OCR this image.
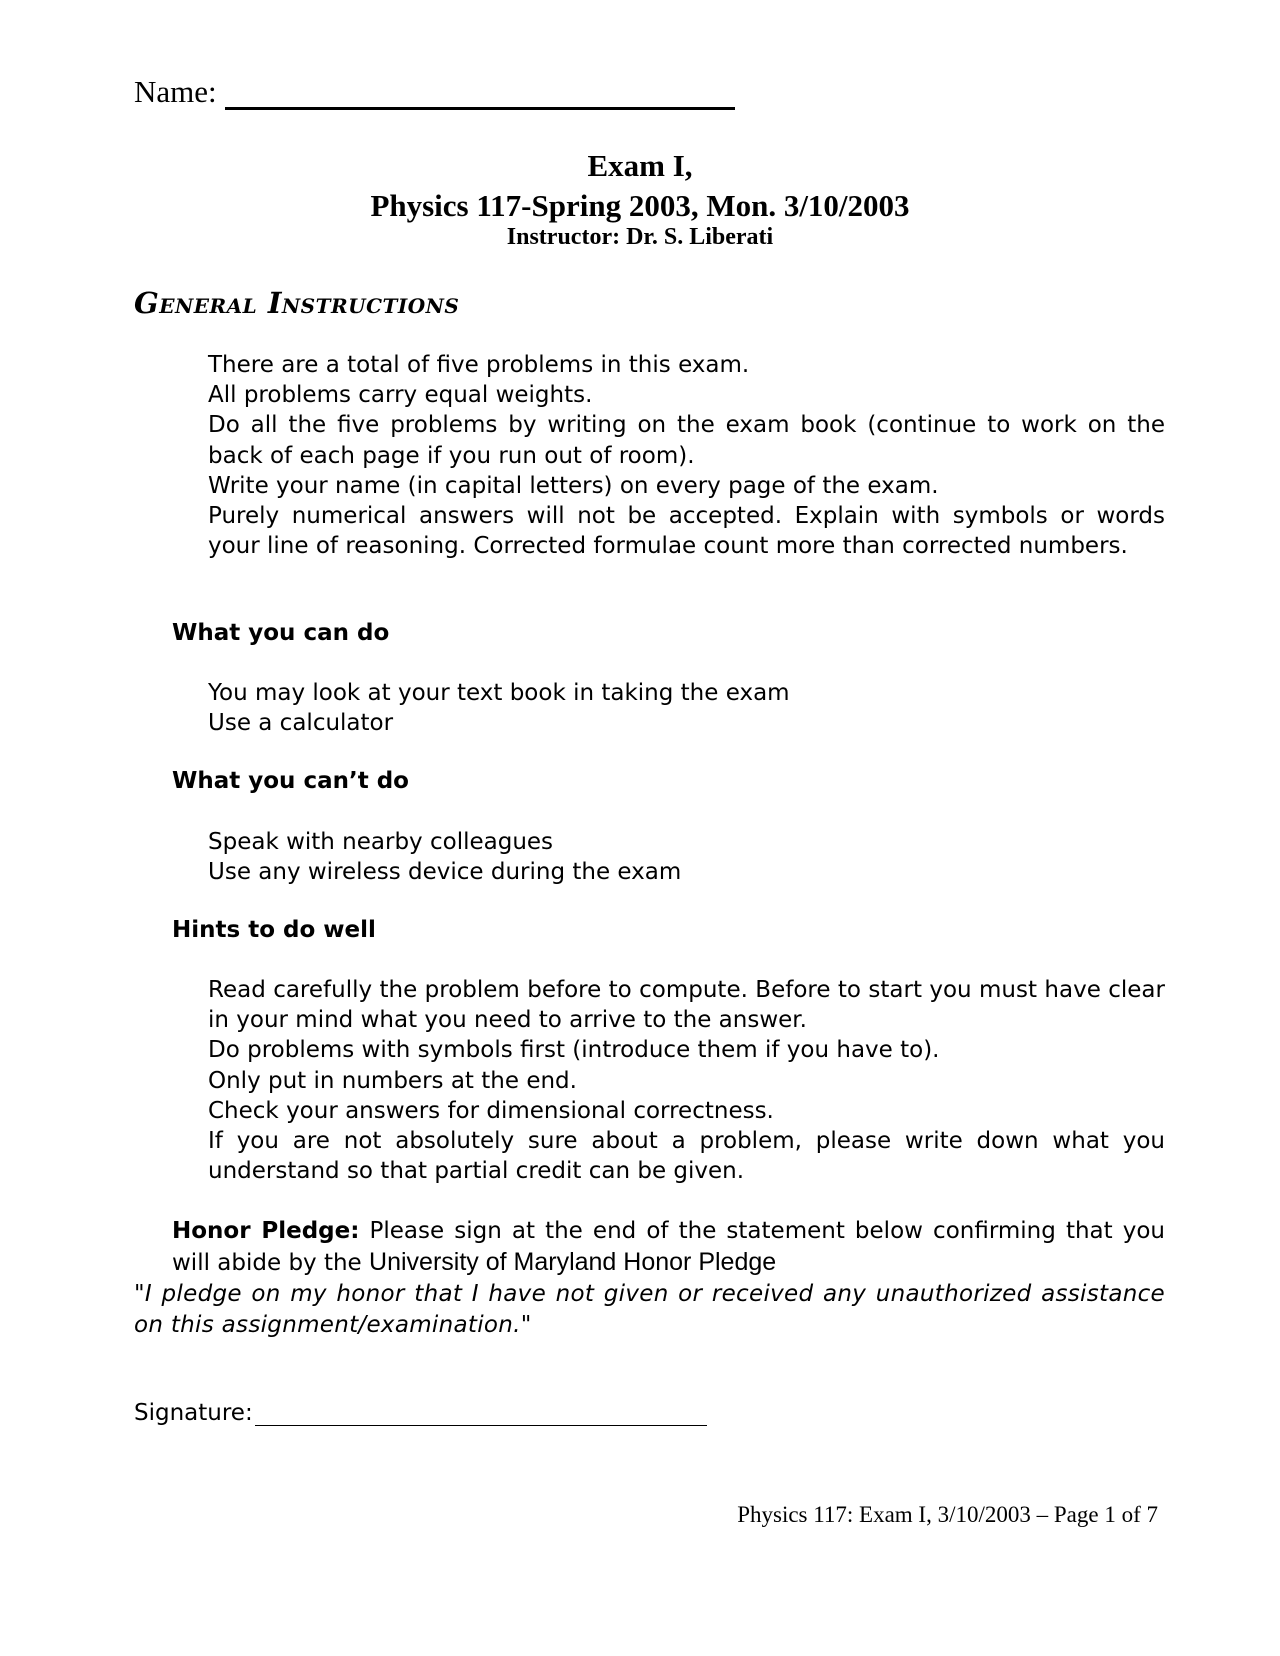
Name:
Exam I,
Physics 117-Spring 2003, Mon. 3/10/2003
Instructor: Dr. S. Liberati
General Instructions
There are a total of five problems in this exam.
All problems carry equal weights.
Do all the five problems by writing on the exam book (continue to work on the back of each page if you run out of room).
Write your name (in capital letters) on every page of the exam.
Purely numerical answers will not be accepted. Explain with symbols or words your line of reasoning. Corrected formulae count more than corrected numbers.
What you can do
You may look at your text book in taking the exam
Use a calculator
What you can’t do
Speak with nearby colleagues
Use any wireless device during the exam
Hints to do well
Read carefully the problem before to compute. Before to start you must have clear in your mind what you need to arrive to the answer.
Do problems with symbols first (introduce them if you have to).
Only put in numbers at the end.
Check your answers for dimensional correctness.
If you are not absolutely sure about a problem, please write down what you understand so that partial credit can be given.
Honor Pledge: Please sign at the end of the statement below confirming that you will abide by the University of Maryland Honor Pledge
"I pledge on my honor that I have not given or received any unauthorized assistance on this assignment/examination."
Signature:
Physics 117: Exam I, 3/10/2003 – Page 1 of 7
